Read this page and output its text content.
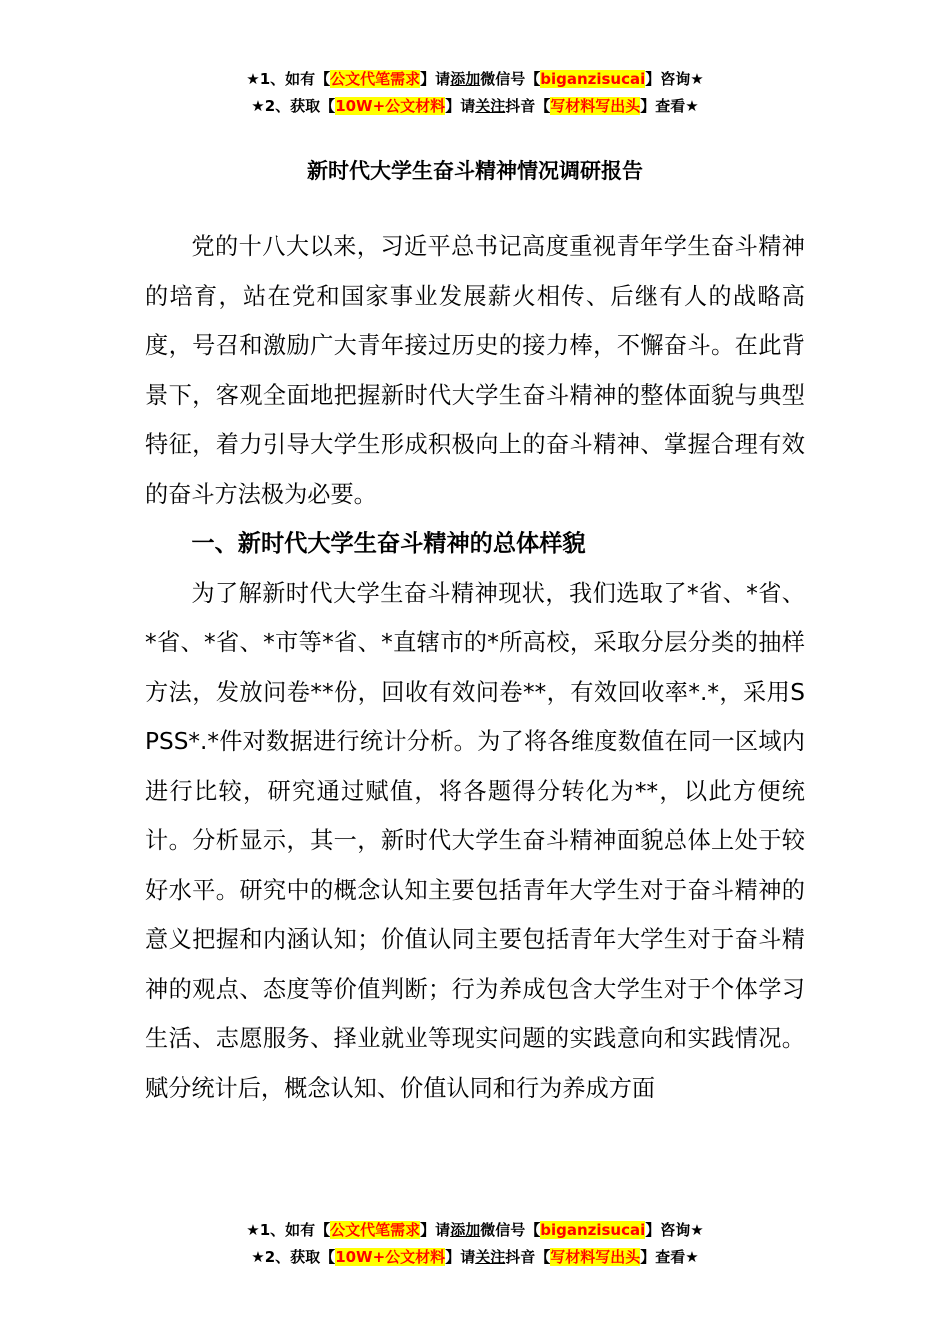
★1、如有【公文代笔需求】请添加微信号【biganzisucai】咨询★
★2、获取【10W+公文材料】请关注抖音【写材料写出头】查看★
新时代大学生奋斗精神情况调研报告

党的十八大以来，习近平总书记高度重视青年学生奋斗精神的培育，站在党和国家事业发展薪火相传、后继有人的战略高度，号召和激励广大青年接过历史的接力棒，不懈奋斗。在此背景下，客观全面地把握新时代大学生奋斗精神的整体面貌与典型特征，着力引导大学生形成积极向上的奋斗精神、掌握合理有效的奋斗方法极为必要。

一、新时代大学生奋斗精神的总体样貌

为了解新时代大学生奋斗精神现状，我们选取了*省、*省、*省、*省、*市等*省、*直辖市的*所高校，采取分层分类的抽样方法，发放问卷**份，回收有效问卷**，有效回收率*.*，采用SPSS*.*件对数据进行统计分析。为了将各维度数值在同一区域内进行比较，研究通过赋值，将各题得分转化为**，以此方便统计。分析显示，其一，新时代大学生奋斗精神面貌总体上处于较好水平。研究中的概念认知主要包括青年大学生对于奋斗精神的意义把握和内涵认知；价值认同主要包括青年大学生对于奋斗精神的观点、态度等价值判断；行为养成包含大学生对于个体学习生活、志愿服务、择业就业等现实问题的实践意向和实践情况。赋分统计后，概念认知、价值认同和行为养成方面

★1、如有【公文代笔需求】请添加微信号【biganzisucai】咨询★
★2、获取【10W+公文材料】请关注抖音【写材料写出头】查看★
